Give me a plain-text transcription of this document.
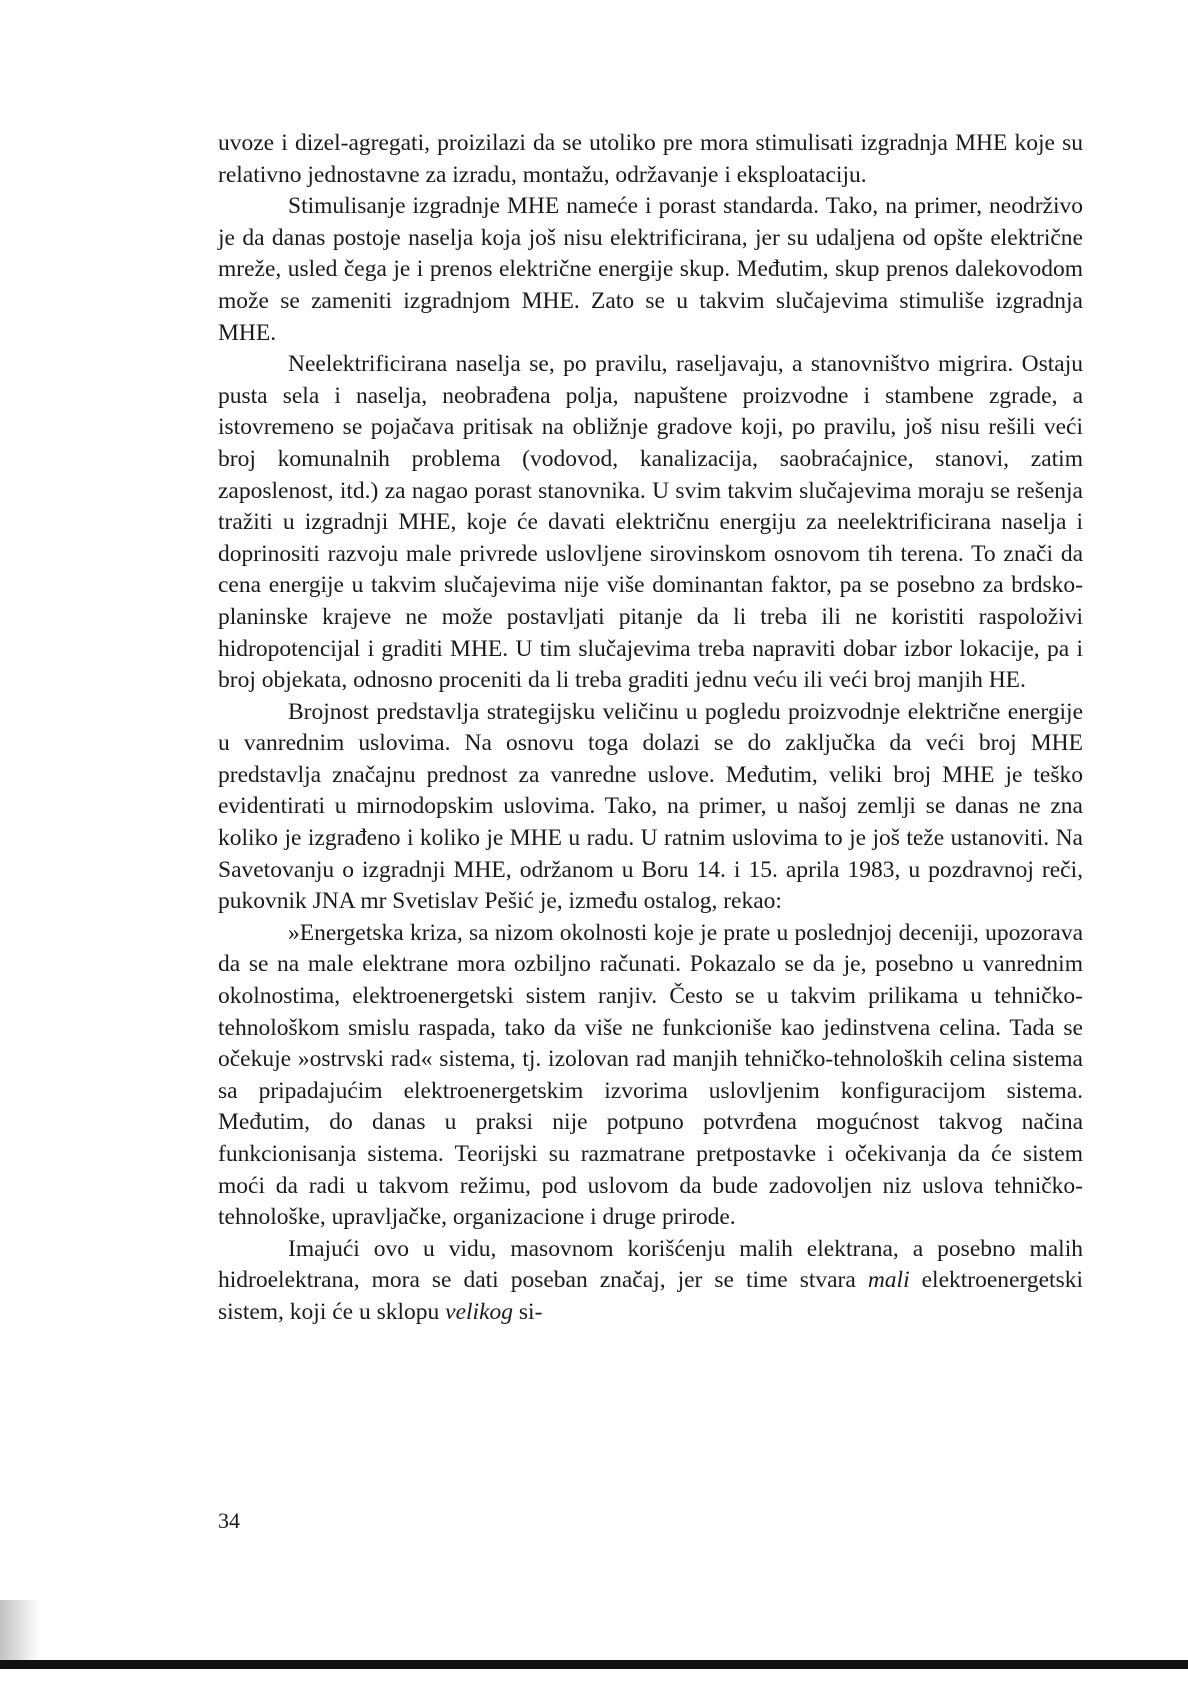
uvoze i dizel-agregati, proizilazi da se utoliko pre mora stimulisati izgradnja MHE koje su relativno jednostavne za izradu, montažu, održavanje i eksploataciju.

Stimulisanje izgradnje MHE nameće i porast standarda. Tako, na primer, neodrživo je da danas postoje naselja koja još nisu elektrificirana, jer su udaljena od opšte električne mreže, usled čega je i prenos električne energije skup. Međutim, skup prenos dalekovodom može se zameniti izgradnjom MHE. Zato se u takvim slučajevima stimuliše izgradnja MHE.

Neelektrificirana naselja se, po pravilu, raseljavaju, a stanovništvo migrira. Ostaju pusta sela i naselja, neobrađena polja, napuštene proizvodne i stambene zgrade, a istovremeno se pojačava pritisak na obližnje gradove koji, po pravilu, još nisu rešili veći broj komunalnih problema (vodovod, kanalizacija, saobraćajnice, stanovi, zatim zaposlenost, itd.) za nagao porast stanovnika. U svim takvim slučajevima moraju se rešenja tražiti u izgradnji MHE, koje će davati električnu energiju za neelektrificirana naselja i doprinositi razvoju male privrede uslovljene sirovinskom osnovom tih terena. To znači da cena energije u takvim slučajevima nije više dominantan faktor, pa se posebno za brdsko-planinske krajeve ne može postavljati pitanje da li treba ili ne koristiti raspoloživi hidropotencijal i graditi MHE. U tim slučajevima treba napraviti dobar izbor lokacije, pa i broj objekata, odnosno proceniti da li treba graditi jednu veću ili veći broj manjih HE.

Brojnost predstavlja strategijsku veličinu u pogledu proizvodnje električne energije u vanrednim uslovima. Na osnovu toga dolazi se do zaključka da veći broj MHE predstavlja značajnu prednost za vanredne uslove. Međutim, veliki broj MHE je teško evidentirati u mirnodopskim uslovima. Tako, na primer, u našoj zemlji se danas ne zna koliko je izgrađeno i koliko je MHE u radu. U ratnim uslovima to je još teže ustanoviti. Na Savetovanju o izgradnji MHE, održanom u Boru 14. i 15. aprila 1983, u pozdravnoj reči, pukovnik JNA mr Svetislav Pešić je, između ostalog, rekao:

»Energetska kriza, sa nizom okolnosti koje je prate u poslednjoj deceniji, upozorava da se na male elektrane mora ozbiljno računati. Pokazalo se da je, posebno u vanrednim okolnostima, elektroenergetski sistem ranjiv. Često se u takvim prilikama u tehničko-tehnološkom smislu raspada, tako da više ne funkcioniše kao jedinstvena celina. Tada se očekuje »ostrvski rad« sistema, tj. izolovan rad manjih tehničko-tehnoloških celina sistema sa pripadajućim elektroenergetskim izvorima uslovljenim konfiguracijom sistema. Međutim, do danas u praksi nije potpuno potvrđena mogućnost takvog načina funkcionisanja sistema. Teorijski su razmatrane pretpostavke i očekivanja da će sistem moći da radi u takvom režimu, pod uslovom da bude zadovoljen niz uslova tehničko-tehnološke, upravljačke, organizacione i druge prirode.

Imajući ovo u vidu, masovnom korišćenju malih elektrana, a posebno malih hidroelektrana, mora se dati poseban značaj, jer se time stvara mali elektroenergetski sistem, koji će u sklopu velikog si-

34
